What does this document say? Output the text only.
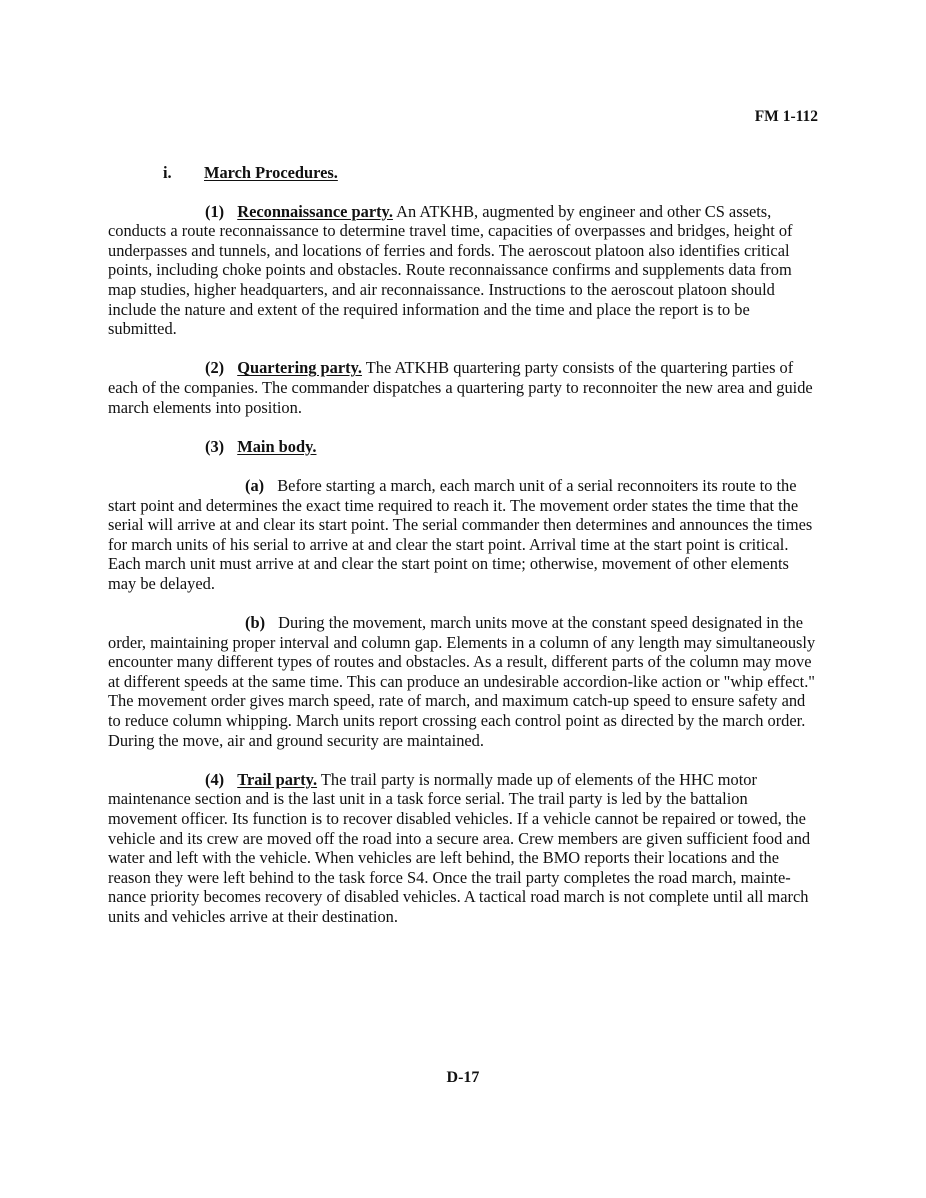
FM 1-112
i. March Procedures.

(1) Reconnaissance party. An ATKHB, augmented by engineer and other CS assets, conducts a route reconnaissance to determine travel time, capacities of overpasses and bridges, height of underpasses and tunnels, and locations of ferries and fords. The aeroscout platoon also identifies critical points, including choke points and obstacles. Route reconnaissance confirms and supplements data from map studies, higher headquarters, and air reconnaissance. Instructions to the aeroscout platoon should include the nature and extent of the required information and the time and place the report is to be submitted.

(2) Quartering party. The ATKHB quartering party consists of the quartering parties of each of the companies. The commander dispatches a quartering party to reconnoiter the new area and guide march elements into position.

(3) Main body.

(a) Before starting a march, each march unit of a serial reconnoiters its route to the start point and determines the exact time required to reach it. The movement order states the time that the serial will arrive at and clear its start point. The serial commander then determines and announces the times for march units of his serial to arrive at and clear the start point. Arrival time at the start point is critical. Each march unit must arrive at and clear the start point on time; otherwise, movement of other elements may be delayed.

(b) During the movement, march units move at the constant speed designated in the order, maintaining proper interval and column gap. Elements in a column of any length may simultaneously encounter many different types of routes and obstacles. As a result, different parts of the column may move at different speeds at the same time. This can produce an undesirable accordion-like action or "whip effect." The movement order gives march speed, rate of march, and maximum catch-up speed to ensure safety and to reduce column whipping. March units report crossing each control point as directed by the march order. During the move, air and ground security are maintained.

(4) Trail party. The trail party is normally made up of elements of the HHC motor maintenance section and is the last unit in a task force serial. The trail party is led by the battalion movement officer. Its function is to recover disabled vehicles. If a vehicle cannot be repaired or towed, the vehicle and its crew are moved off the road into a secure area. Crew members are given sufficient food and water and left with the vehicle. When vehicles are left behind, the BMO reports their locations and the reason they were left behind to the task force S4. Once the trail party completes the road march, mainte-nance priority becomes recovery of disabled vehicles. A tactical road march is not complete until all march units and vehicles arrive at their destination.

D-17
